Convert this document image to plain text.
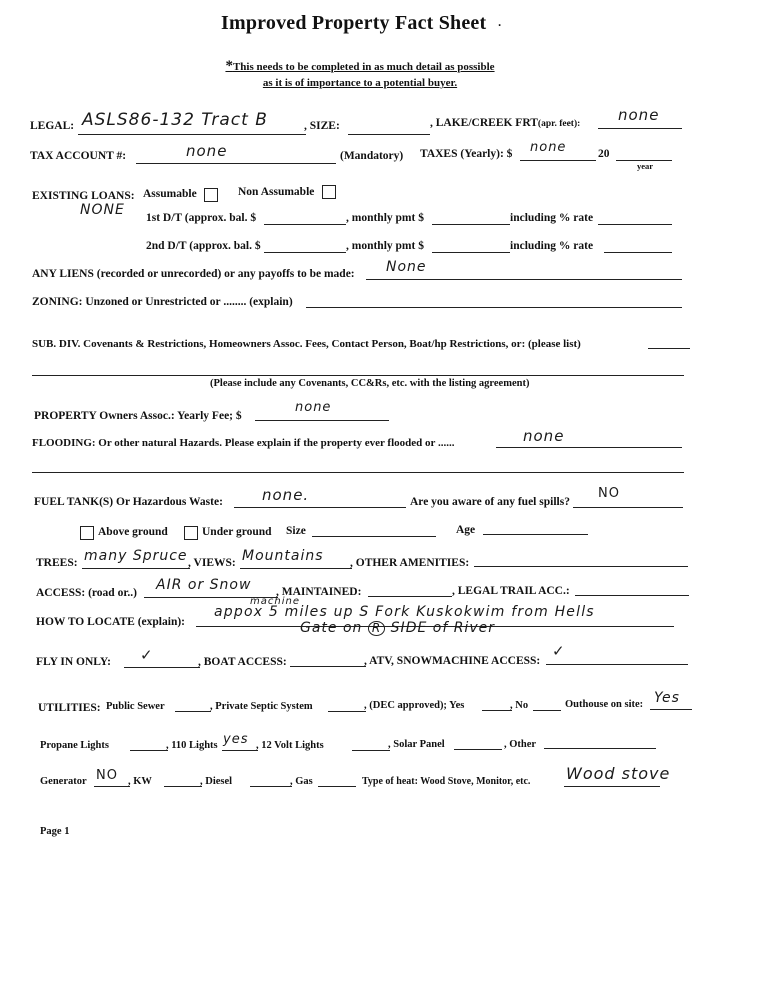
Improved Property Fact Sheet ·
*This needs to be completed in as much detail as possible
as it is of importance to a potential buyer.
LEGAL: ASLS86-132 Tract B	, SIZE:	, LAKE/CREEK FRT(apr. feet):	none
TAX ACCOUNT #:	none	(Mandatory) TAXES (Yearly): $ none	20
year
EXISTING LOANS: Assumable	Non Assumable
NONE 1st D/T (approx. bal. $	, monthly pmt $	including % rate
2nd D/T (approx. bal. $	, monthly pmt $	including % rate
ANY LIENS (recorded or unrecorded) or any payoffs to be made: None
ZONING: Unzoned or Unrestricted or ........ (explain)
SUB. DIV. Covenants & Restrictions, Homeowners Assoc. Fees, Contact Person, Boat/hp Restrictions, or: (please list)
(Please include any Covenants, CC&Rs, etc. with the listing agreement)
PROPERTY Owners Assoc.: Yearly Fee; $
none
FLOODING: Or other natural Hazards. Please explain if the property ever flooded or ......	none
FUEL TANK(S) Or Hazardous Waste:	none.	Are you aware of any fuel spills?
NO
Above ground	Under ground Size	Age
TREES: many Spruce , VIEWS: Mountains , OTHER AMENITIES:
ACCESS: (road or..) AIR or Snow
machine
, MAINTAINED:	, LEGAL TRAIL ACC.:
HOW TO LOCATE (explain):
appox 5 miles up S Fork Kuskokwim from Hells
Gate on R SIDE of River
FLY IN ONLY: ✓	, BOAT ACCESS:	, ATV, SNOWMACHINE ACCESS:
✓
UTILITIES: Public Sewer	, Private Septic System	, (DEC approved); Yes	, No	Outhouse on site: Yes
Propane Lights	, 110 Lights yes , 12 Volt Lights	, Solar Panel	, Other
Generator NO , KW	, Diesel	, Gas	Type of heat: Wood Stove, Monitor, etc. Wood stove
Page 1
